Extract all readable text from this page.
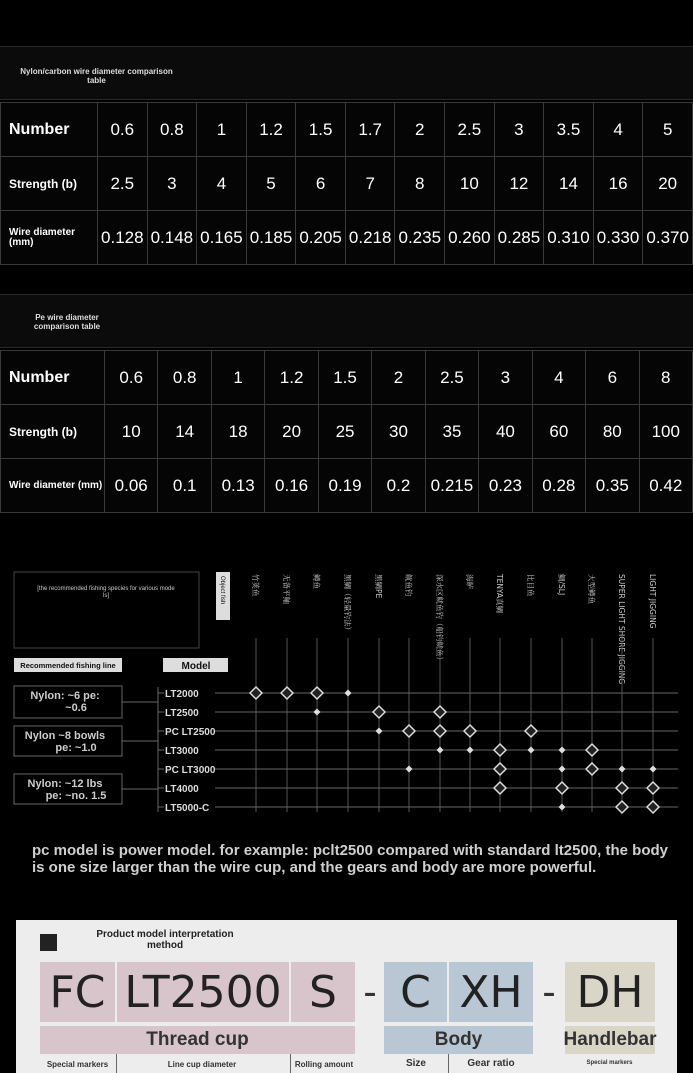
Nylon/carbon wire diameter comparison table
Number	0.6	0.8	1	1.2	1.5	1.7	2	2.5	3	3.5	4	5
Strength (b)	2.5	3	4	5	6	7	8	10	12	14	16	20
Wire diameter (mm)	0.128	0.148	0.165	0.185	0.205	0.218	0.235	0.260	0.285	0.310	0.330	0.370
Pe wire diameter comparison table
Number	0.6	0.8	1	1.2	1.5	2	2.5	3	4	6	8
Strength (b)	10	14	18	20	25	30	35	40	60	80	100
Wire diameter (mm)	0.06	0.1	0.13	0.16	0.19	0.2	0.215	0.23	0.28	0.35	0.42
[the recommended fishing species for various mode
ls]	Object fish
Recommended fishing line	Model
竹荚鱼	无备平鲉	鳟鱼	黑鲷（轻量钓法）	黑鲷PE	鱿鱼钓	深水区鱿鱼钓（船钓鱿鱼）	海鲈	TENYA真鲷	比目鱼	鲷/SLJ	大型鳟鱼	SUPER LIGHT SHORE JIGGING	LIGHT JIGGING
LT2000
LT2500
PC LT2500
LT3000
PC LT3000
LT4000
LT5000-C
Nylon: ~6 pe:
~0.6
Nylon ~8 bowls
pe: ~1.0
Nylon: ~12 lbs
pe: ~no. 1.5
pc model is power model. for example: pclt2500 compared with standard lt2500, the body is one size larger than the wire cup, and the gears and body are more powerful.
Product model interpretation method
FC LT2500 S - C XH - DH
Thread cup	Body	Handlebar
Special markers	Line cup diameter	Rolling amount	Size	Gear ratio	Special markers
